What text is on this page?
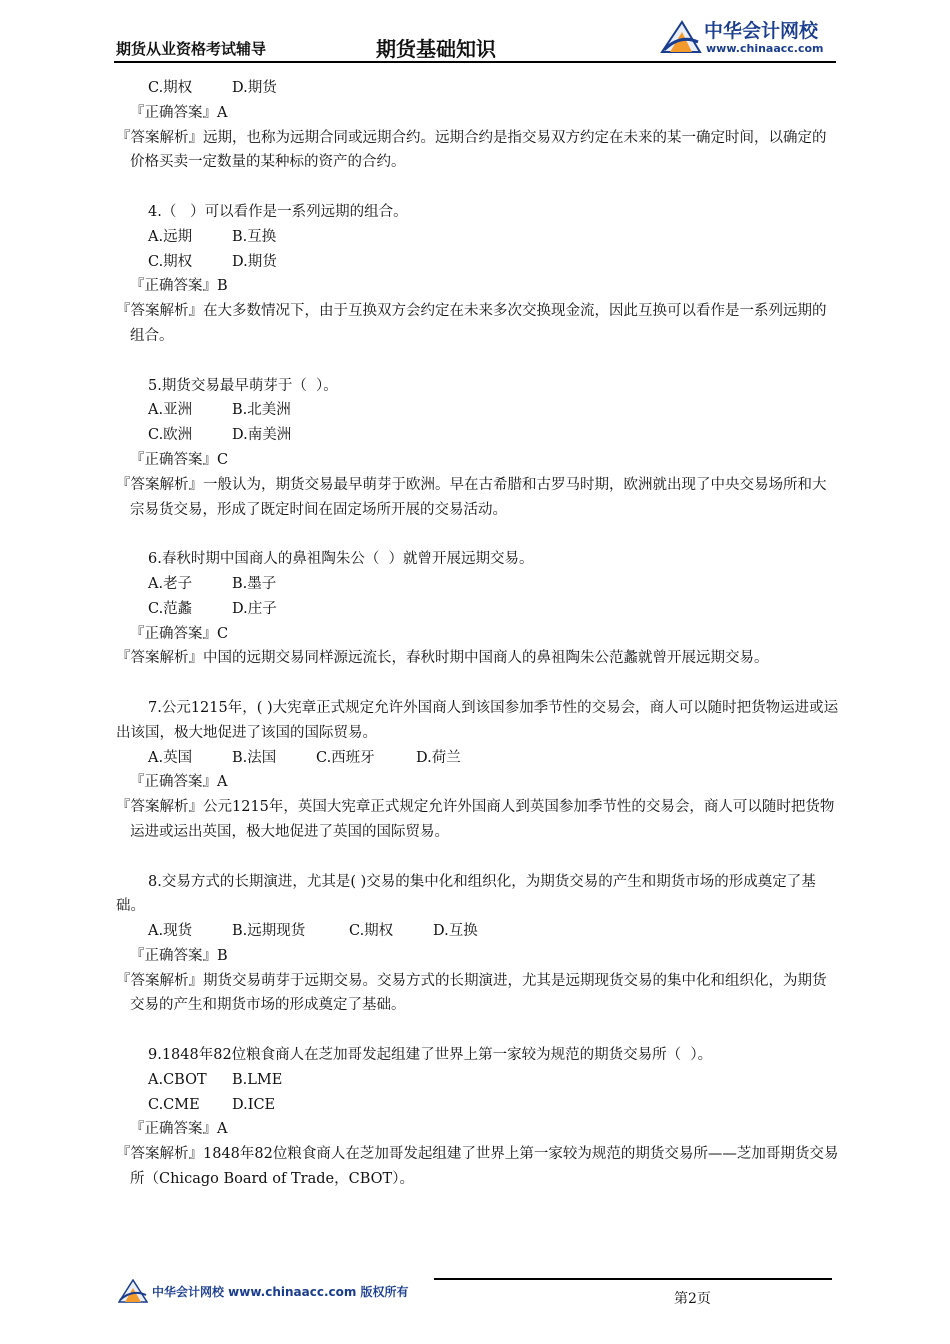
期货从业资格考试辅导	期货基础知识
中华会计网校
www.chinaacc.com
C.期权	D.期货
『正确答案』A
『答案解析』远期，也称为远期合同或远期合约。远期合约是指交易双方约定在未来的某一确定时间，以确定的价格买卖一定数量的某种标的资产的合约。
4.（   ）可以看作是一系列远期的组合。
A.远期	B.互换
C.期权	D.期货
『正确答案』B
『答案解析』在大多数情况下，由于互换双方会约定在未来多次交换现金流，因此互换可以看作是一系列远期的组合。
5.期货交易最早萌芽于（  ）。
A.亚洲	B.北美洲
C.欧洲	D.南美洲
『正确答案』C
『答案解析』一般认为，期货交易最早萌芽于欧洲。早在古希腊和古罗马时期，欧洲就出现了中央交易场所和大宗易货交易，形成了既定时间在固定场所开展的交易活动。
6.春秋时期中国商人的鼻祖陶朱公（  ）就曾开展远期交易。
A.老子	B.墨子
C.范蠡	D.庄子
『正确答案』C
『答案解析』中国的远期交易同样源远流长，春秋时期中国商人的鼻祖陶朱公范蠡就曾开展远期交易。
7.公元1215年，( )大宪章正式规定允许外国商人到该国参加季节性的交易会，商人可以随时把货物运进或运出该国，极大地促进了该国的国际贸易。
A.英国	B.法国	C.西班牙	D.荷兰
『正确答案』A
『答案解析』公元1215年，英国大宪章正式规定允许外国商人到英国参加季节性的交易会，商人可以随时把货物运进或运出英国，极大地促进了英国的国际贸易。
8.交易方式的长期演进，尤其是( )交易的集中化和组织化，为期货交易的产生和期货市场的形成奠定了基础。
A.现货	B.远期现货	C.期权	D.互换
『正确答案』B
『答案解析』期货交易萌芽于远期交易。交易方式的长期演进，尤其是远期现货交易的集中化和组织化，为期货交易的产生和期货市场的形成奠定了基础。
9.1848年82位粮食商人在芝加哥发起组建了世界上第一家较为规范的期货交易所（  ）。
A.CBOT B.LME
C.CME D.ICE
『正确答案』A
『答案解析』1848年82位粮食商人在芝加哥发起组建了世界上第一家较为规范的期货交易所——芝加哥期货交易所（Chicago Board of Trade，CBOT）。
中华会计网校 www.chinaacc.com 版权所有	第2页
